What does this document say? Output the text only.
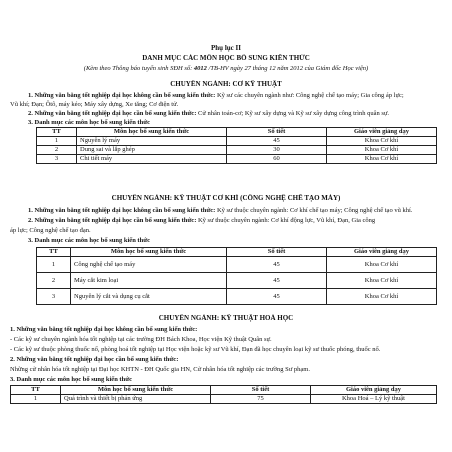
Phụ lục II
DANH MỤC CÁC MÔN HỌC BỔ SUNG KIẾN THỨC
(Kèm theo Thông báo tuyển sinh SĐH số: 4012 /TB-HV ngày 27 tháng 12 năm 2012 của Giám đốc Học viện)
CHUYÊN NGÀNH: CƠ KỸ THUẬT
1. Những văn bằng tốt nghiệp đại học không cần bổ sung kiến thức: Kỹ sư các chuyên ngành như: Công nghệ chế tạo máy; Gia công áp lực;
Vũ khí; Đạn; Ôtô, máy kéo; Máy xây dựng, Xe tăng; Cơ điện tử.
2. Những văn bằng tốt nghiệp đại học cần bổ sung kiến thức: Cử nhân toán-cơ; Kỹ sư xây dựng và Kỹ sư xây dựng công trình quân sự.
3. Danh mục các môn học bổ sung kiến thức
TT	Môn học bổ sung kiến thức	Số tiết	Giáo viên giảng dạy
1	Nguyên lý máy	45	Khoa Cơ khí
2	Dung sai và lắp ghép	30	Khoa Cơ khí
3	Chi tiết máy	60	Khoa Cơ khí
CHUYÊN NGÀNH: KỸ THUẬT CƠ KHÍ (CÔNG NGHỆ CHẾ TẠO MÁY)
1. Những văn bằng tốt nghiệp đại học không cần bổ sung kiến thức: Kỹ sư thuộc chuyên ngành: Cơ khí chế tạo máy; Công nghệ chế tạo vũ khí.
2. Những văn bằng tốt nghiệp đại học cần bổ sung kiến thức: Kỹ sư thuộc chuyên ngành: Cơ khí động lực, Vũ khí, Đạn, Gia công
áp lực; Công nghệ chế tạo đạn.
3. Danh mục các môn học bổ sung kiến thức
TT	Môn học bổ sung kiến thức	Số tiết	Giáo viên giảng dạy
1	Công nghệ chế tạo máy	45	Khoa Cơ khí
2	Máy cắt kim loại	45	Khoa Cơ khí
3	Nguyên lý cắt và dụng cụ cắt	45	Khoa Cơ khí
CHUYÊN NGÀNH: KỸ THUẬT HOÁ HỌC
1. Những văn bằng tốt nghiệp đại học không cần bổ sung kiến thức:
- Các kỹ sư chuyên ngành hóa tốt nghiệp tại các trường ĐH Bách Khoa, Học viện Kỹ thuật Quân sự.
- Các kỹ sư thuộc phòng thuốc nổ, phòng hoá tốt nghiệp tại Học viện hoặc kỹ sư Vũ khí, Đạn đã học chuyên loại kỹ sư thuốc phóng, thuốc nổ.
2. Những văn bằng tốt nghiệp đại học cần bổ sung kiến thức:
Những cử nhân hóa tốt nghiệp tại Đại học KHTN - ĐH Quốc gia HN, Cử nhân hóa tốt nghiệp các trường Sư phạm.
3. Danh mục các môn học bổ sung kiến thức
TT	Môn học bổ sung kiến thức	Số tiết	Giáo viên giảng dạy
1	Quá trình và thiết bị phản ứng	75	Khoa Hoá – Lý kỹ thuật
